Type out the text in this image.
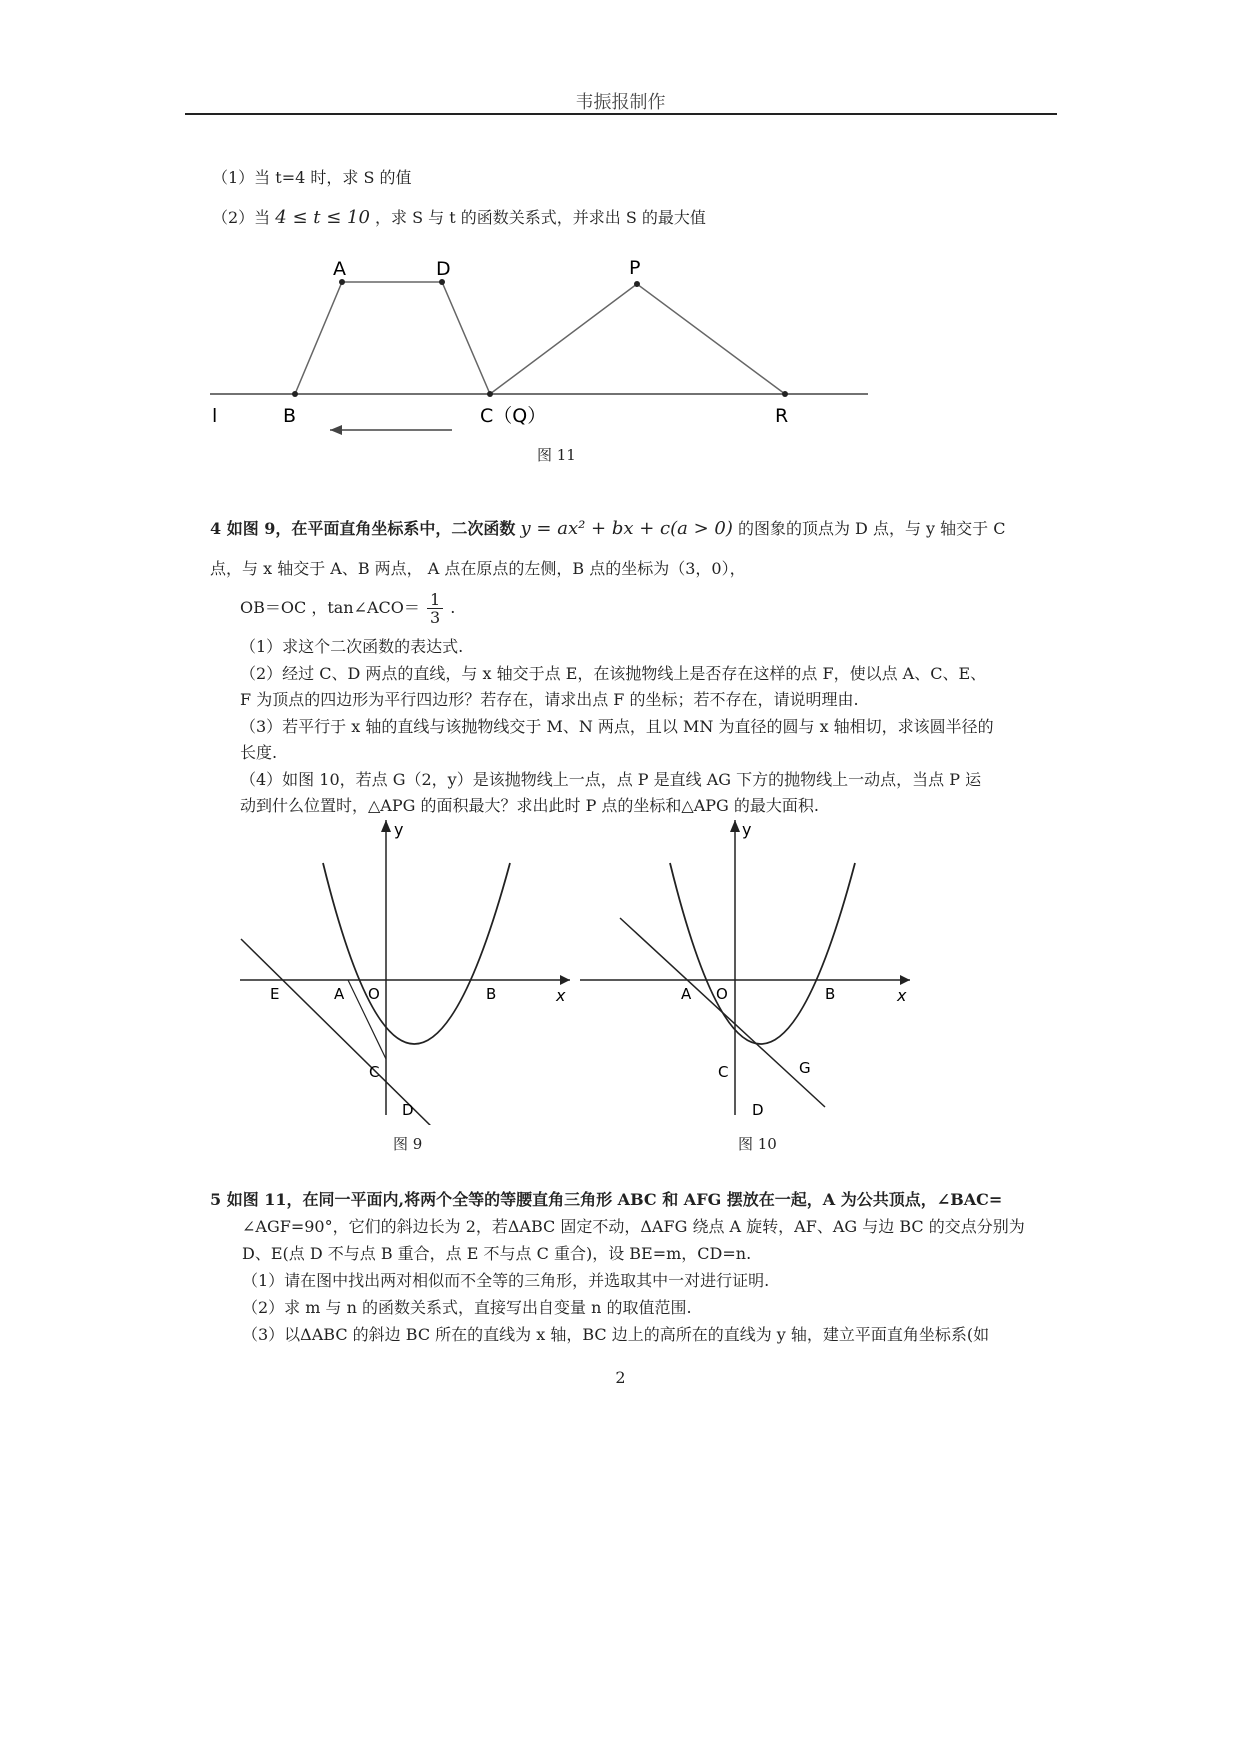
韦振报制作
（1）当 t=4 时，求 S 的值
（2）当 4 ≤ t ≤ 10 ，求 S 与 t 的函数关系式，并求出 S 的最大值
A	D	P
l	B	C（Q）	R
图 11
4 如图 9，在平面直角坐标系中，二次函数 y = ax² + bx + c(a > 0) 的图象的顶点为 D 点，与 y 轴交于 C
点，与 x 轴交于 A、B 两点， A 点在原点的左侧，B 点的坐标为（3，0），
OB＝OC ，tan∠ACO＝ $\frac{1}{3}$ .
（1）求这个二次函数的表达式.
（2）经过 C、D 两点的直线，与 x 轴交于点 E，在该抛物线上是否存在这样的点 F，使以点 A、C、E、
F 为顶点的四边形为平行四边形？若存在，请求出点 F 的坐标；若不存在，请说明理由.
（3）若平行于 x 轴的直线与该抛物线交于 M、N 两点，且以 MN 为直径的圆与 x 轴相切，求该圆半径的
长度.
（4）如图 10，若点 G（2，y）是该抛物线上一点，点 P 是直线 AG 下方的抛物线上一动点，当点 P 运
动到什么位置时，△APG 的面积最大？求出此时 P 点的坐标和△APG 的最大面积.
y
x
E	A O	B
C
D
图 9
y
x
A O	B
C	G
D
图 10
5 如图 11，在同一平面内,将两个全等的等腰直角三角形 ABC 和 AFG 摆放在一起，A 为公共顶点，∠BAC=
∠AGF=90°，它们的斜边长为 2，若ΔABC 固定不动，ΔAFG 绕点 A 旋转，AF、AG 与边 BC 的交点分别为
D、E(点 D 不与点 B 重合，点 E 不与点 C 重合)，设 BE=m，CD=n.
（1）请在图中找出两对相似而不全等的三角形，并选取其中一对进行证明.
（2）求 m 与 n 的函数关系式，直接写出自变量 n 的取值范围.
（3）以ΔABC 的斜边 BC 所在的直线为 x 轴，BC 边上的高所在的直线为 y 轴，建立平面直角坐标系(如
2
